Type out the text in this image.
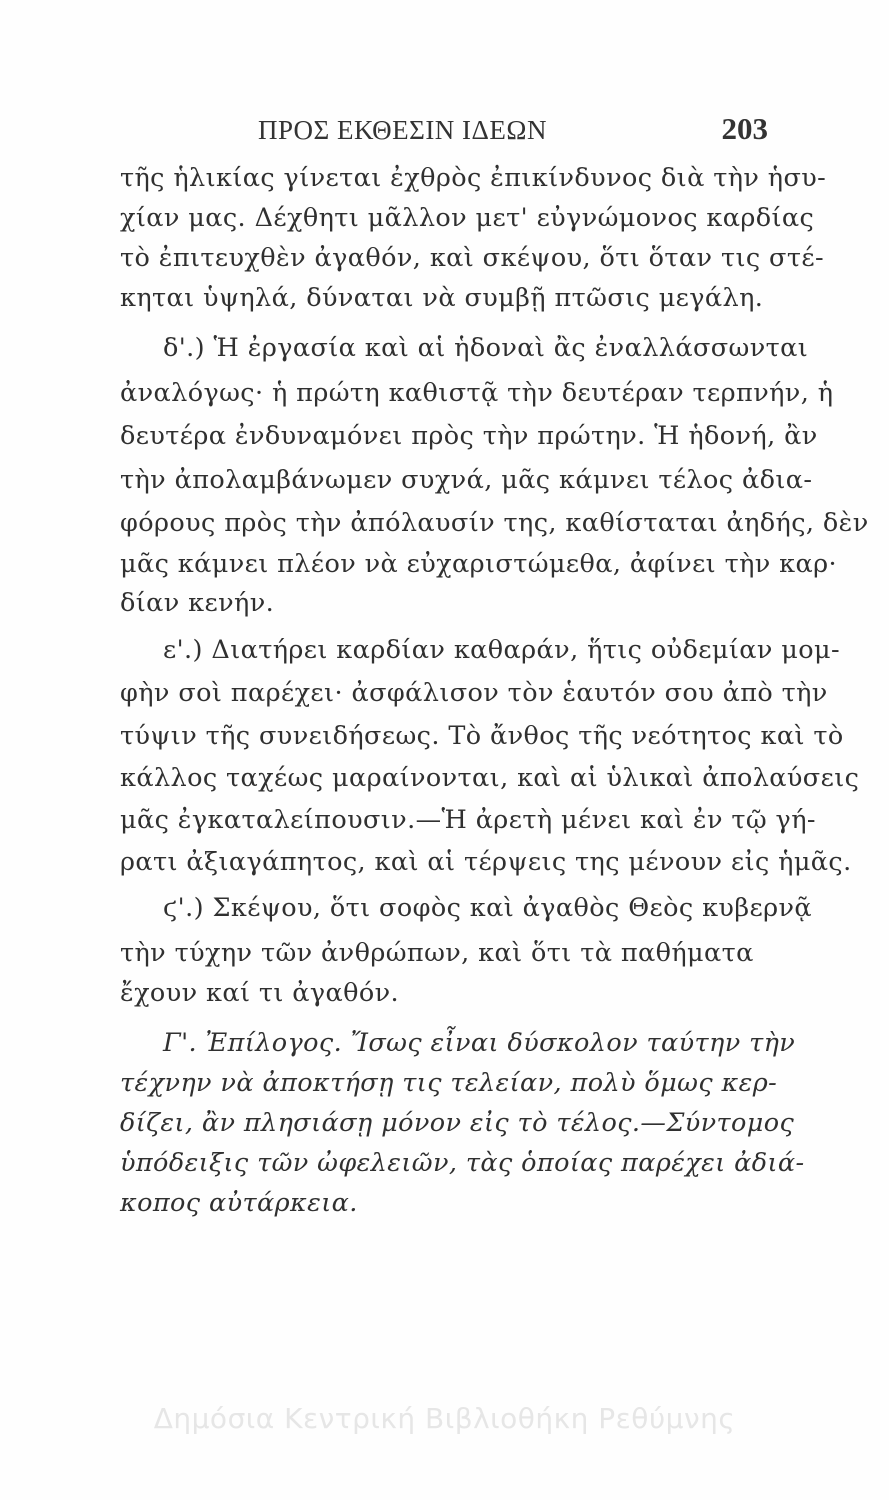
ΠΡΟΣ ΕΚΘΕΣΙΝ ΙΔΕΩΝ	203
τῆς ἡλικίας γίνεται ἐχθρὸς ἐπικίνδυνος διὰ τὴν ἡσυ-
χίαν μας. Δέχθητι μᾶλλον μετ' εὐγνώμονος καρδίας
τὸ ἐπιτευχθὲν ἀγαθόν, καὶ σκέψου, ὅτι ὅταν τις στέ-
κηται ὑψηλά, δύναται νὰ συμβῇ πτῶσις μεγάλη.
δ'.) Ἡ ἐργασία καὶ αἱ ἡδοναὶ ἂς ἐναλλάσσωνται
ἀναλόγως· ἡ πρώτη καθιστᾷ τὴν δευτέραν τερπνήν, ἡ
δευτέρα ἐνδυναμόνει πρὸς τὴν πρώτην. Ἡ ἡδονή, ἂν
τὴν ἀπολαμβάνωμεν συχνά, μᾶς κάμνει τέλος ἀδια-
φόρους πρὸς τὴν ἀπόλαυσίν της, καθίσταται ἀηδής, δὲν
μᾶς κάμνει πλέον νὰ εὐχαριστώμεθα, ἀφίνει τὴν καρ·
δίαν κενήν.
ε'.) Διατήρει καρδίαν καθαράν, ἥτις οὐδεμίαν μομ-
φὴν σοὶ παρέχει· ἀσφάλισον τὸν ἑαυτόν σου ἀπὸ τὴν
τύψιν τῆς συνειδήσεως. Τὸ ἄνθος τῆς νεότητος καὶ τὸ
κάλλος ταχέως μαραίνονται, καὶ αἱ ὑλικαὶ ἀπολαύσεις
μᾶς ἐγκαταλείπουσιν.—Ἡ ἀρετὴ μένει καὶ ἐν τῷ γή-
ρατι ἀξιαγάπητος, καὶ αἱ τέρψεις της μένουν εἰς ἡμᾶς.
ϛ'.) Σκέψου, ὅτι σοφὸς καὶ ἀγαθὸς Θεὸς κυβερνᾷ
τὴν τύχην τῶν ἀνθρώπων, καὶ ὅτι τὰ παθήματα
ἔχουν καί τι ἀγαθόν.
Γ'. Ἐπίλογος. Ἴσως εἶναι δύσκολον ταύτην τὴν
τέχνην νὰ ἀποκτήσῃ τις τελείαν, πολὺ ὅμως κερ-
δίζει, ἂν πλησιάσῃ μόνον εἰς τὸ τέλος.—Σύντομος
ὑπόδειξις τῶν ὠφελειῶν, τὰς ὁποίας παρέχει ἀδιά-
κοπος αὐτάρκεια.
Δημόσια Κεντρική Βιβλιοθήκη Ρεθύμνης
